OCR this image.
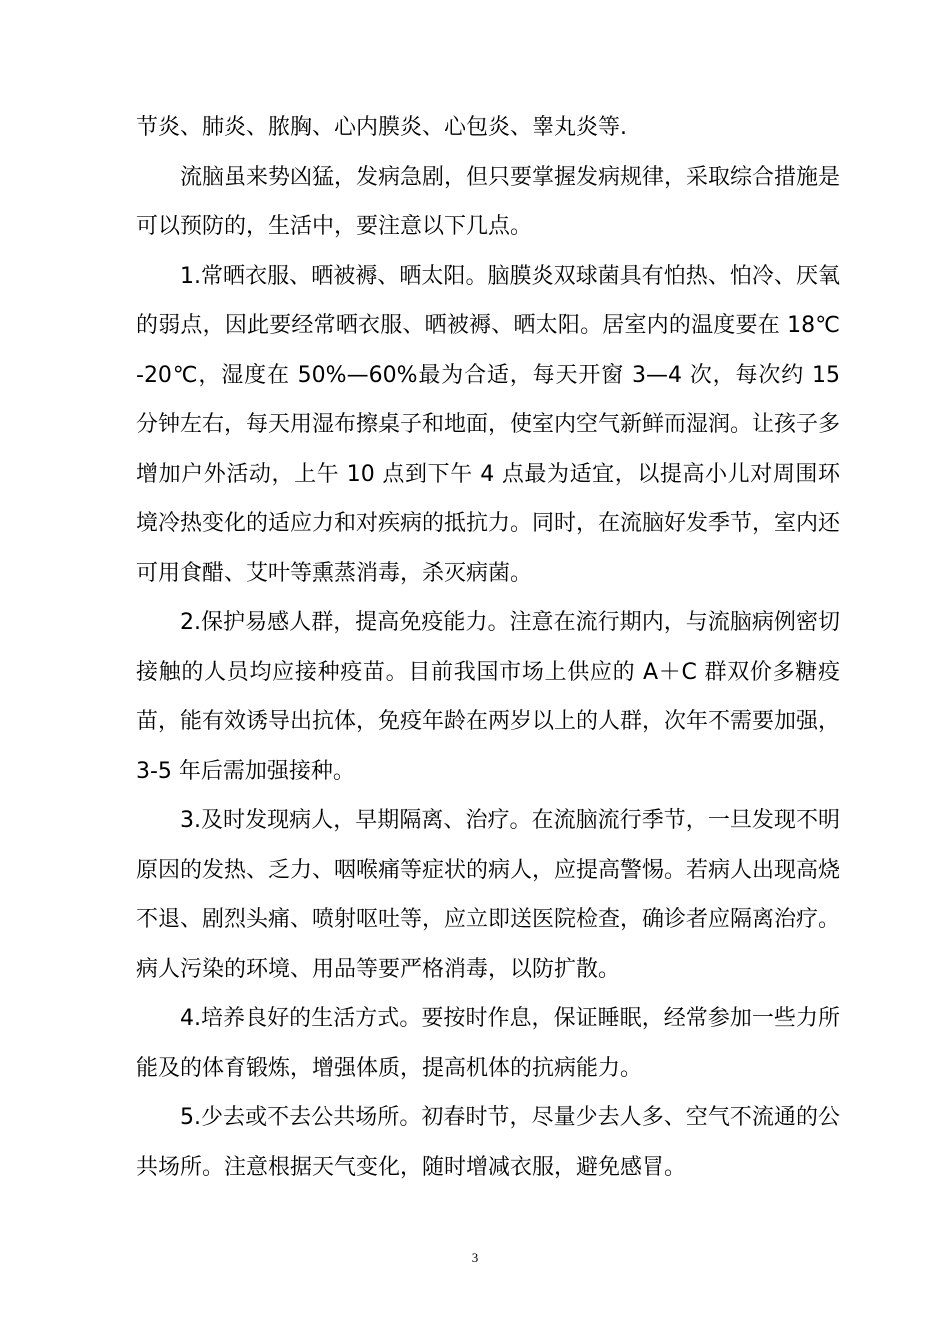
节炎、肺炎、脓胸、心内膜炎、心包炎、睾丸炎等.

流脑虽来势凶猛，发病急剧，但只要掌握发病规律，采取综合措施是可以预防的，生活中，要注意以下几点。

1.常晒衣服、晒被褥、晒太阳。脑膜炎双球菌具有怕热、怕冷、厌氧的弱点，因此要经常晒衣服、晒被褥、晒太阳。居室内的温度要在 18℃-20℃，湿度在 50%—60%最为合适，每天开窗 3—4 次，每次约 15 分钟左右，每天用湿布擦桌子和地面，使室内空气新鲜而湿润。让孩子多增加户外活动，上午 10 点到下午 4 点最为适宜，以提高小儿对周围环境冷热变化的适应力和对疾病的抵抗力。同时，在流脑好发季节，室内还可用食醋、艾叶等熏蒸消毒，杀灭病菌。

2.保护易感人群，提高免疫能力。注意在流行期内，与流脑病例密切接触的人员均应接种疫苗。目前我国市场上供应的 A＋C 群双价多糖疫苗，能有效诱导出抗体，免疫年龄在两岁以上的人群，次年不需要加强，3-5 年后需加强接种。

3.及时发现病人，早期隔离、治疗。在流脑流行季节，一旦发现不明原因的发热、乏力、咽喉痛等症状的病人，应提高警惕。若病人出现高烧不退、剧烈头痛、喷射呕吐等，应立即送医院检查，确诊者应隔离治疗。病人污染的环境、用品等要严格消毒，以防扩散。

4.培养良好的生活方式。要按时作息，保证睡眠，经常参加一些力所能及的体育锻炼，增强体质，提高机体的抗病能力。

5.少去或不去公共场所。初春时节，尽量少去人多、空气不流通的公共场所。注意根据天气变化，随时增减衣服，避免感冒。

3
